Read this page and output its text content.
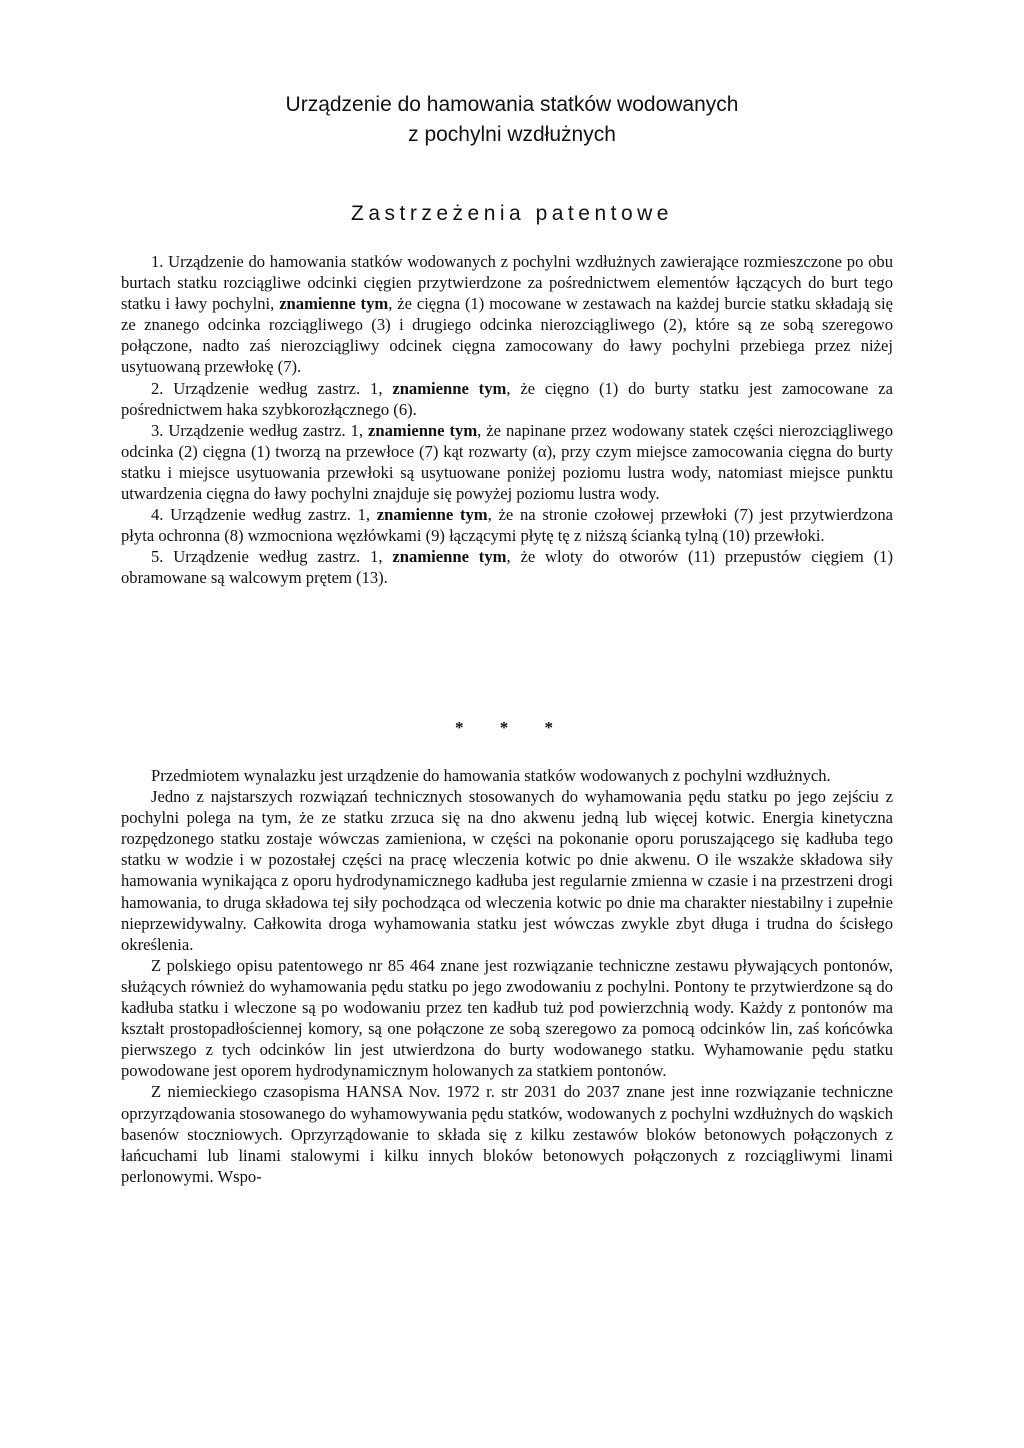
Urządzenie do hamowania statków wodowanych
z pochylni wzdłużnych
Zastrzeżenia patentowe

1. Urządzenie do hamowania statków wodowanych z pochylni wzdłużnych zawierające rozmieszczone po obu burtach statku rozciągliwe odcinki cięgien przytwierdzone za pośrednictwem elementów łączących do burt tego statku i ławy pochylni, znamienne tym, że cięgna (1) mocowane w zestawach na każdej burcie statku składają się ze znanego odcinka rozciągliwego (3) i drugiego odcinka nierozciągliwego (2), które są ze sobą szeregowo połączone, nadto zaś nierozciągliwy odcinek cięgna zamocowany do ławy pochylni przebiega przez niżej usytuowaną przewłokę (7).

2. Urządzenie według zastrz. 1, znamienne tym, że cięgno (1) do burty statku jest zamocowane za pośrednictwem haka szybkorozłącznego (6).

3. Urządzenie według zastrz. 1, znamienne tym, że napinane przez wodowany statek części nierozciągliwego odcinka (2) cięgna (1) tworzą na przewłoce (7) kąt rozwarty (α), przy czym miejsce zamocowania cięgna do burty statku i miejsce usytuowania przewłoki są usytuowane poniżej poziomu lustra wody, natomiast miejsce punktu utwardzenia cięgna do ławy pochylni znajduje się powyżej poziomu lustra wody.

4. Urządzenie według zastrz. 1, znamienne tym, że na stronie czołowej przewłoki (7) jest przytwierdzona płyta ochronna (8) wzmocniona węzłówkami (9) łączącymi płytę tę z niższą ścianką tylną (10) przewłoki.

5. Urządzenie według zastrz. 1, znamienne tym, że wloty do otworów (11) przepustów cięgiem (1) obramowane są walcowym prętem (13).

* * *

Przedmiotem wynalazku jest urządzenie do hamowania statków wodowanych z pochylni wzdłużnych.

Jedno z najstarszych rozwiązań technicznych stosowanych do wyhamowania pędu statku po jego zejściu z pochylni polega na tym, że ze statku zrzuca się na dno akwenu jedną lub więcej kotwic. Energia kinetyczna rozpędzonego statku zostaje wówczas zamieniona, w części na pokonanie oporu poruszającego się kadłuba tego statku w wodzie i w pozostałej części na pracę wleczenia kotwic po dnie akwenu. O ile wszakże składowa siły hamowania wynikająca z oporu hydrodynamicznego kadłuba jest regularnie zmienna w czasie i na przestrzeni drogi hamowania, to druga składowa tej siły pochodząca od wleczenia kotwic po dnie ma charakter niestabilny i zupełnie nieprzewidywalny. Całkowita droga wyhamowania statku jest wówczas zwykle zbyt długa i trudna do ścisłego określenia.

Z polskiego opisu patentowego nr 85 464 znane jest rozwiązanie techniczne zestawu pływających pontonów, służących również do wyhamowania pędu statku po jego zwodowaniu z pochylni. Pontony te przytwierdzone są do kadłuba statku i wleczone są po wodowaniu przez ten kadłub tuż pod powierzchnią wody. Każdy z pontonów ma kształt prostopadłościennej komory, są one połączone ze sobą szeregowo za pomocą odcinków lin, zaś końcówka pierwszego z tych odcinków lin jest utwierdzona do burty wodowanego statku. Wyhamowanie pędu statku powodowane jest oporem hydrodynamicznym holowanych za statkiem pontonów.

Z niemieckiego czasopisma HANSA Nov. 1972 r. str 2031 do 2037 znane jest inne rozwiązanie techniczne oprzyrządowania stosowanego do wyhamowywania pędu statków, wodowanych z pochylni wzdłużnych do wąskich basenów stoczniowych. Oprzyrządowanie to składa się z kilku zestawów bloków betonowych połączonych z łańcuchami lub linami stalowymi i kilku innych bloków betonowych połączonych z rozciągliwymi linami perlonowymi. Wspo-
